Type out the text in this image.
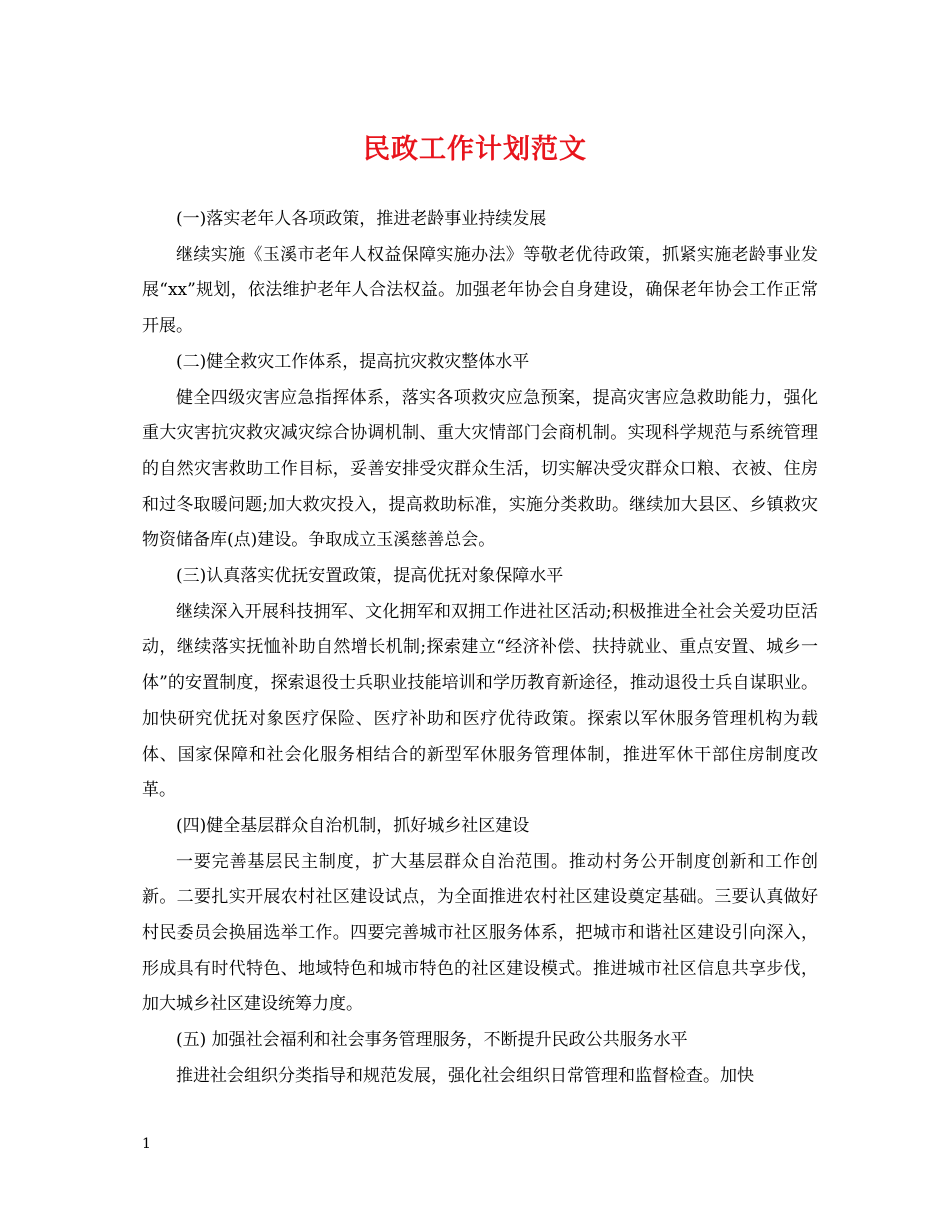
民政工作计划范文

(一)落实老年人各项政策，推进老龄事业持续发展

继续实施《玉溪市老年人权益保障实施办法》等敬老优待政策，抓紧实施老龄事业发展“xx”规划，依法维护老年人合法权益。加强老年协会自身建设，确保老年协会工作正常开展。

(二)健全救灾工作体系，提高抗灾救灾整体水平

健全四级灾害应急指挥体系，落实各项救灾应急预案，提高灾害应急救助能力，强化重大灾害抗灾救灾减灾综合协调机制、重大灾情部门会商机制。实现科学规范与系统管理的自然灾害救助工作目标，妥善安排受灾群众生活，切实解决受灾群众口粮、衣被、住房和过冬取暖问题;加大救灾投入，提高救助标准，实施分类救助。继续加大县区、乡镇救灾物资储备库(点)建设。争取成立玉溪慈善总会。

(三)认真落实优抚安置政策，提高优抚对象保障水平

继续深入开展科技拥军、文化拥军和双拥工作进社区活动;积极推进全社会关爱功臣活动，继续落实抚恤补助自然增长机制;探索建立“经济补偿、扶持就业、重点安置、城乡一体”的安置制度，探索退役士兵职业技能培训和学历教育新途径，推动退役士兵自谋职业。加快研究优抚对象医疗保险、医疗补助和医疗优待政策。探索以军休服务管理机构为载体、国家保障和社会化服务相结合的新型军休服务管理体制，推进军休干部住房制度改革。

(四)健全基层群众自治机制，抓好城乡社区建设

一要完善基层民主制度，扩大基层群众自治范围。推动村务公开制度创新和工作创新。二要扎实开展农村社区建设试点，为全面推进农村社区建设奠定基础。三要认真做好村民委员会换届选举工作。四要完善城市社区服务体系，把城市和谐社区建设引向深入，形成具有时代特色、地域特色和城市特色的社区建设模式。推进城市社区信息共享步伐，加大城乡社区建设统筹力度。

(五) 加强社会福利和社会事务管理服务，不断提升民政公共服务水平

推进社会组织分类指导和规范发展，强化社会组织日常管理和监督检查。加快

1
